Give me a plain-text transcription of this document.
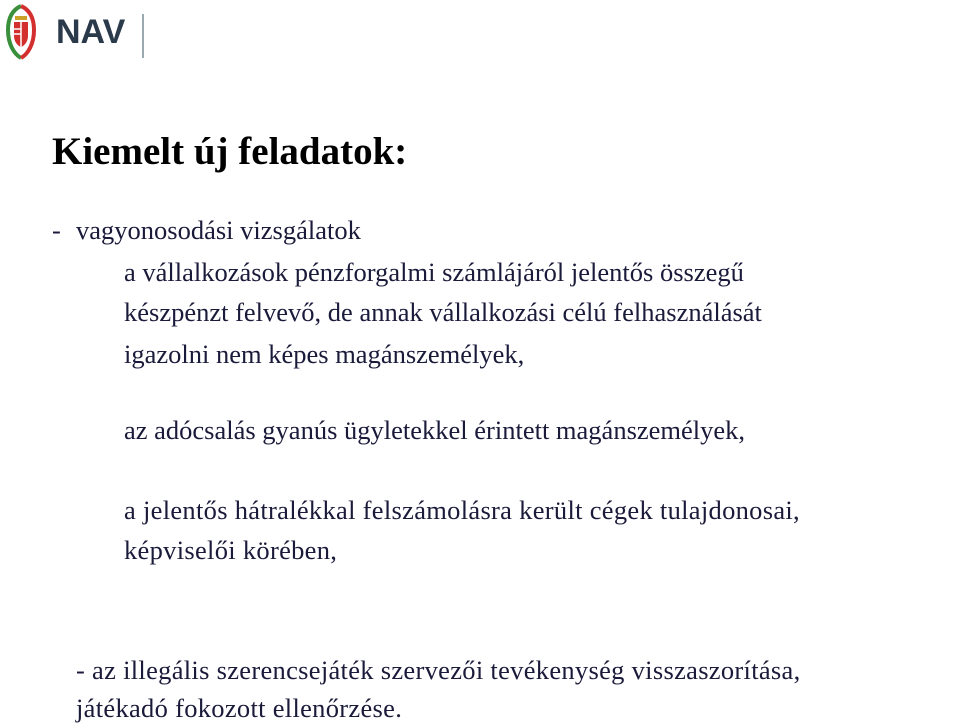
NAV
Kiemelt új feladatok:

- vagyonosodási vizsgálatok

a vállalkozások pénzforgalmi számlájáról jelentős összegű

készpénzt felvevő, de annak vállalkozási célú felhasználását

igazolni nem képes magánszemélyek,

az adócsalás gyanús ügyletekkel érintett magánszemélyek,

a jelentős hátralékkal felszámolásra került cégek tulajdonosai,

képviselői körében,

- az illegális szerencsejáték szervezői tevékenység visszaszorítása,

játékadó fokozott ellenőrzése.
